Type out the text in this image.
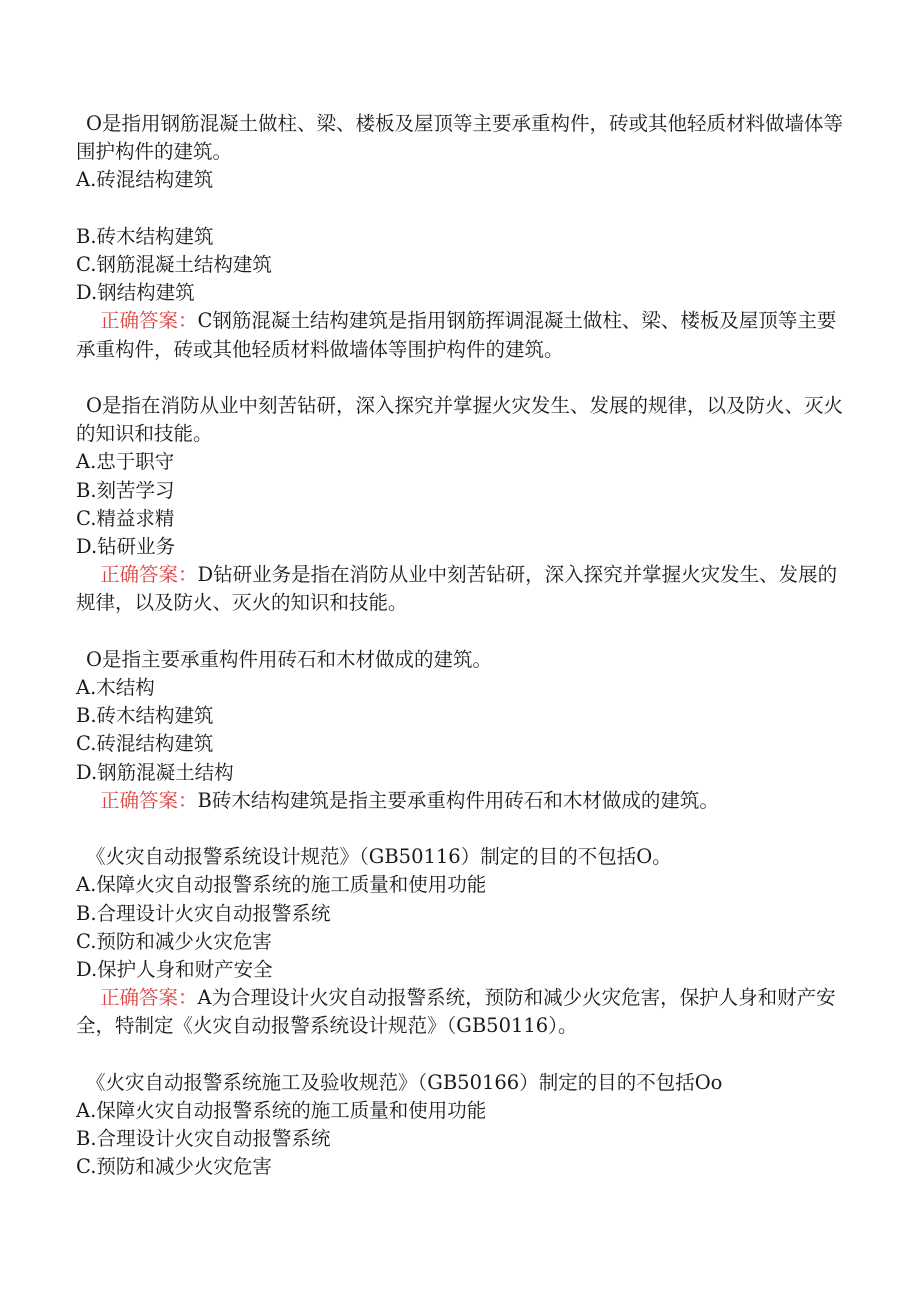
O是指用钢筋混凝土做柱、梁、楼板及屋顶等主要承重构件，砖或其他轻质材料做墙体等围护构件的建筑。
A.砖混结构建筑
B.砖木结构建筑
C.钢筋混凝土结构建筑
D.钢结构建筑
正确答案：C钢筋混凝土结构建筑是指用钢筋挥调混凝土做柱、梁、楼板及屋顶等主要承重构件，砖或其他轻质材料做墙体等围护构件的建筑。
O是指在消防从业中刻苦钻研，深入探究并掌握火灾发生、发展的规律，以及防火、灭火的知识和技能。
A.忠于职守
B.刻苦学习
C.精益求精
D.钻研业务
正确答案：D钻研业务是指在消防从业中刻苦钻研，深入探究并掌握火灾发生、发展的规律，以及防火、灭火的知识和技能。
O是指主要承重构件用砖石和木材做成的建筑。
A.木结构
B.砖木结构建筑
C.砖混结构建筑
D.钢筋混凝土结构
正确答案：B砖木结构建筑是指主要承重构件用砖石和木材做成的建筑。
《火灾自动报警系统设计规范》（GB50116）制定的目的不包括O。
A.保障火灾自动报警系统的施工质量和使用功能
B.合理设计火灾自动报警系统
C.预防和减少火灾危害
D.保护人身和财产安全
正确答案：A为合理设计火灾自动报警系统，预防和减少火灾危害，保护人身和财产安全，特制定《火灾自动报警系统设计规范》（GB50116）。
《火灾自动报警系统施工及验收规范》（GB50166）制定的目的不包括Oo
A.保障火灾自动报警系统的施工质量和使用功能
B.合理设计火灾自动报警系统
C.预防和减少火灾危害
